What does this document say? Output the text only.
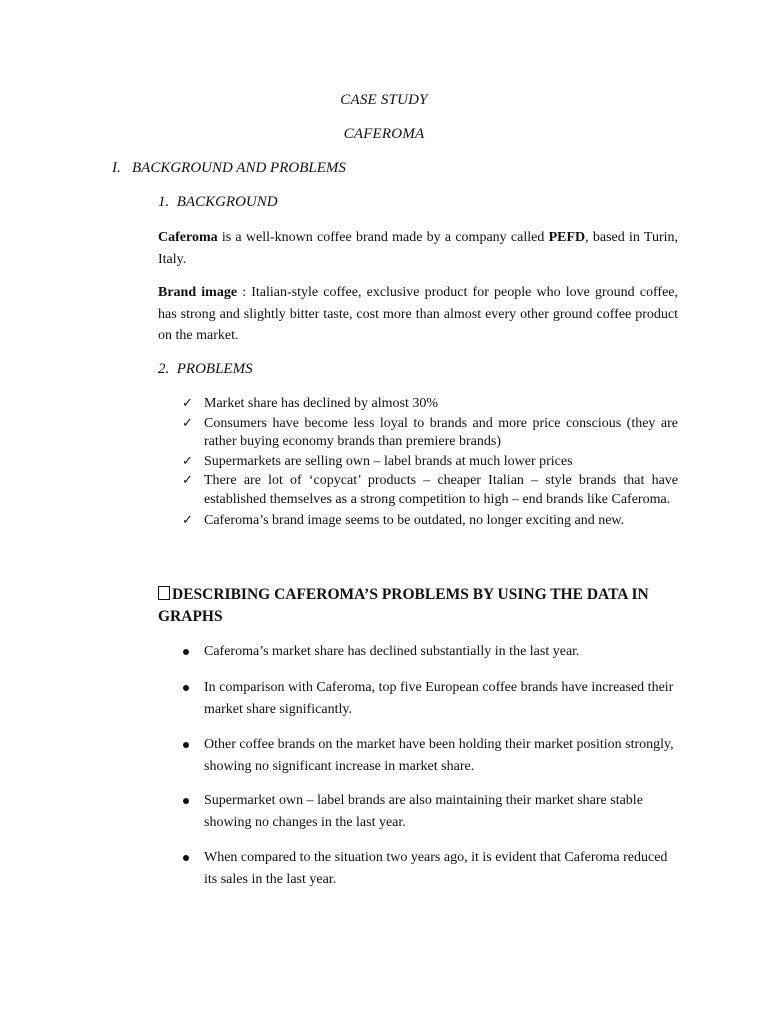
CASE STUDY
CAFEROMA
I.   BACKGROUND AND PROBLEMS
1.  BACKGROUND

Caferoma is a well-known coffee brand made by a company called PEFD, based in Turin, Italy.

Brand image : Italian-style coffee, exclusive product for people who love ground coffee, has strong and slightly bitter taste, cost more than almost every other ground coffee product on the market.

2.  PROBLEMS
✓ Market share has declined by almost 30%
✓ Consumers have become less loyal to brands and more price conscious (they are rather buying economy brands than premiere brands)
✓ Supermarkets are selling own – label brands at much lower prices
✓ There are lot of ‘copycat’ products – cheaper Italian – style brands that have established themselves as a strong competition to high – end brands like Caferoma.
✓ Caferoma’s brand image seems to be outdated, no longer exciting and new.
DESCRIBING CAFEROMA’S PROBLEMS BY USING THE DATA IN GRAPHS
Caferoma’s market share has declined substantially in the last year.
In comparison with Caferoma, top five European coffee brands have increased their market share significantly.
Other coffee brands on the market have been holding their market position strongly, showing no significant increase in market share.
Supermarket own – label brands are also maintaining their market share stable showing no changes in the last year.
When compared to the situation two years ago, it is evident that Caferoma reduced its sales in the last year.
